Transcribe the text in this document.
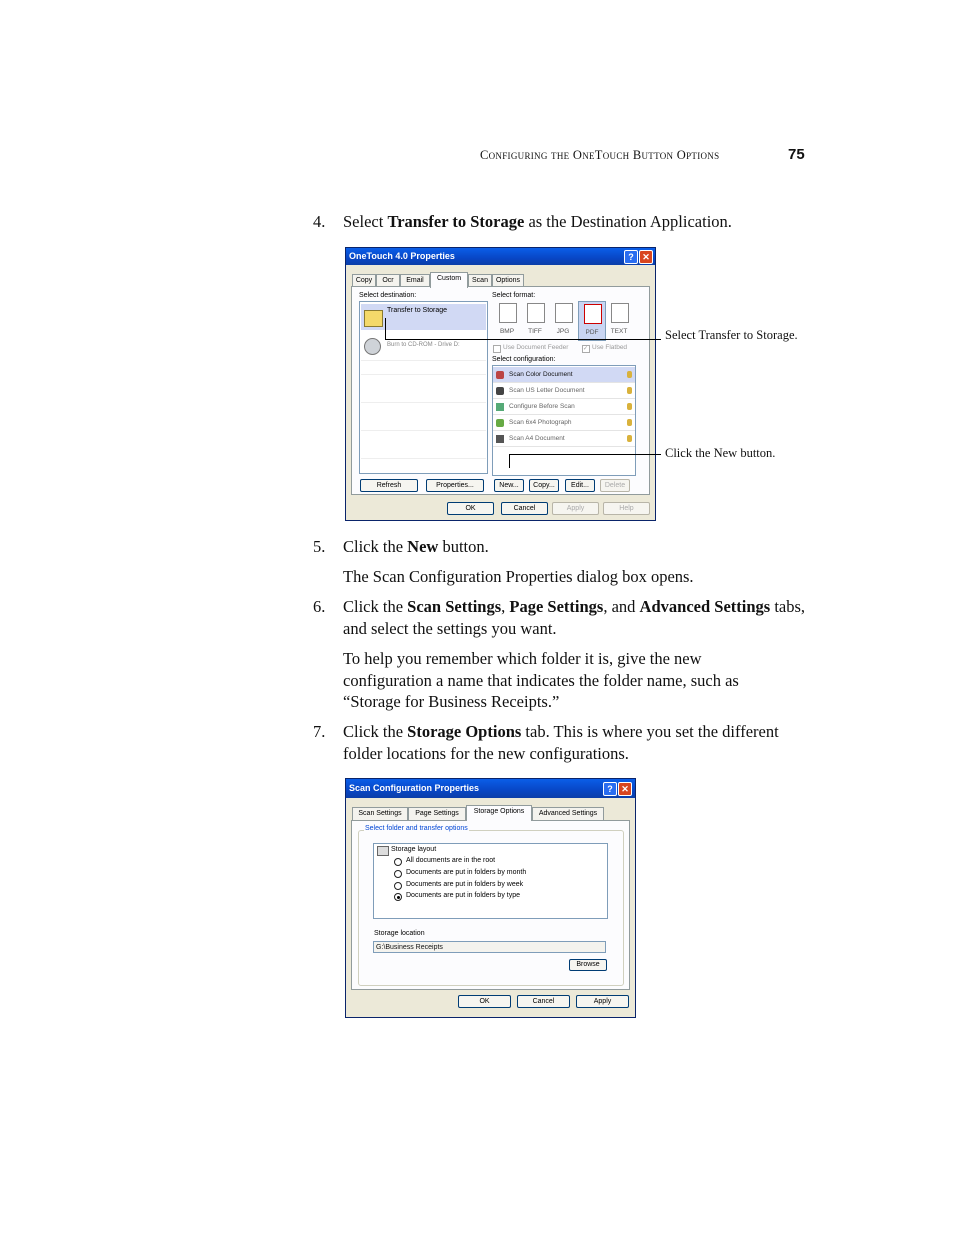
Configuring the OneTouch Button Options	75
4. Select Transfer to Storage as the Destination Application.
OneTouch 4.0 Properties	? ✕
Copy	Ocr	Email	Custom	Scan	Options
Select destination:
Transfer to Storage
Burn to CD-ROM - Drive D:
Select format:
BMP	TIFF	JPG	PDF	TEXT
Use Document Feeder ✓ Use Flatbed
Select configuration:
Scan Color Document
Scan US Letter Document
Configure Before Scan
Scan 6x4 Photograph
Scan A4 Document
Refresh	Properties...	New...	Copy...	Edit...	Delete
OK	Cancel	Apply	Help
Select Transfer to Storage.
Click the New button.
5. Click the New button.
The Scan Configuration Properties dialog box opens.
6. Click the Scan Settings, Page Settings, and Advanced Settings tabs, and select the settings you want.
To help you remember which folder it is, give the new configuration a name that indicates the folder name, such as “Storage for Business Receipts.”
7. Click the Storage Options tab. This is where you set the different folder locations for the new configurations.
Scan Configuration Properties	? ✕
Scan Settings	Page Settings	Storage Options	Advanced Settings
Select folder and transfer options
Storage layout
All documents are in the root
Documents are put in folders by month
Documents are put in folders by week
Documents are put in folders by type
Storage location
G:\Business Receipts
Browse
OK	Cancel	Apply
